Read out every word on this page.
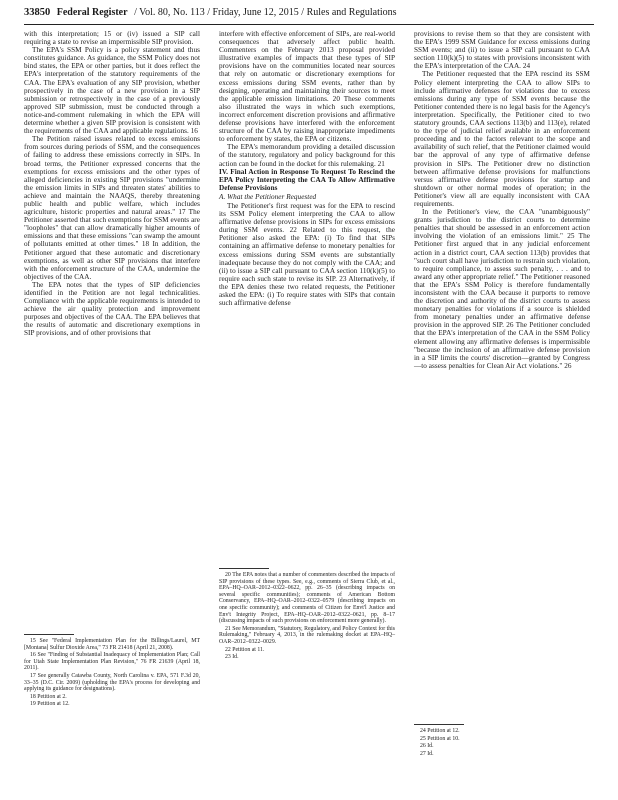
33850 Federal Register / Vol. 80, No. 113 / Friday, June 12, 2015 / Rules and Regulations

with this interpretation; 15 or (iv) issued a SIP call requiring a state to revise an impermissible SIP provision.

The EPA's SSM Policy is a policy statement and thus constitutes guidance. As guidance, the SSM Policy does not bind states, the EPA or other parties, but it does reflect the EPA's interpretation of the statutory requirements of the CAA. The EPA's evaluation of any SIP provision, whether prospectively in the case of a new provision in a SIP submission or retrospectively in the case of a previously approved SIP submission, must be conducted through a notice-and-comment rulemaking in which the EPA will determine whether a given SIP provision is consistent with the requirements of the CAA and applicable regulations. 16

The Petition raised issues related to excess emissions from sources during periods of SSM, and the consequences of failing to address these emissions correctly in SIPs. In broad terms, the Petitioner expressed concerns that the exemptions for excess emissions and the other types of alleged deficiencies in existing SIP provisions "undermine the emission limits in SIPs and threaten states' abilities to achieve and maintain the NAAQS, thereby threatening public health and public welfare, which includes agriculture, historic properties and natural areas." 17 The Petitioner asserted that such exemptions for SSM events are "loopholes" that can allow dramatically higher amounts of emissions and that these emissions "can swamp the amount of pollutants emitted at other times." 18 In addition, the Petitioner argued that these automatic and discretionary exemptions, as well as other SIP provisions that interfere with the enforcement structure of the CAA, undermine the objectives of the CAA.

The EPA notes that the types of SIP deficiencies identified in the Petition are not legal technicalities. Compliance with the applicable requirements is intended to achieve the air quality protection and improvement purposes and objectives of the CAA. The EPA believes that the results of automatic and discretionary exemptions in SIP provisions, and of other provisions that

15 See "Federal Implementation Plan for the Billings/Laurel, MT [Montana] Sulfur Dioxide Area," 73 FR 21418 (April 21, 2008).

16 See "Finding of Substantial Inadequacy of Implementation Plan; Call for Utah State Implementation Plan Revision," 76 FR 21639 (April 18, 2011).

17 See generally Catawba County, North Carolina v. EPA, 571 F.3d 20, 33–35 (D.C. Cir. 2009) (upholding the EPA's process for developing and applying its guidance for designations).

18 Petition at 2.

19 Petition at 12.

interfere with effective enforcement of SIPs, are real-world consequences that adversely affect public health. Commenters on the February 2013 proposal provided illustrative examples of impacts that these types of SIP provisions have on the communities located near sources that rely on automatic or discretionary exemptions for excess emissions during SSM events, rather than by designing, operating and maintaining their sources to meet the applicable emission limitations. 20 These comments also illustrated the ways in which such exemptions, incorrect enforcement discretion provisions and affirmative defense provisions have interfered with the enforcement structure of the CAA by raising inappropriate impediments to enforcement by states, the EPA or citizens.

The EPA's memorandum providing a detailed discussion of the statutory, regulatory and policy background for this action can be found in the docket for this rulemaking. 21

IV. Final Action in Response To Request To Rescind the EPA Policy Interpreting the CAA To Allow Affirmative Defense Provisions

A. What the Petitioner Requested

The Petitioner's first request was for the EPA to rescind its SSM Policy element interpreting the CAA to allow affirmative defense provisions in SIPs for excess emissions during SSM events. 22 Related to this request, the Petitioner also asked the EPA: (i) To find that SIPs containing an affirmative defense to monetary penalties for excess emissions during SSM events are substantially inadequate because they do not comply with the CAA; and (ii) to issue a SIP call pursuant to CAA section 110(k)(5) to require each such state to revise its SIP. 23 Alternatively, if the EPA denies these two related requests, the Petitioner asked the EPA: (i) To require states with SIPs that contain such affirmative defense

20 The EPA notes that a number of commenters described the impacts of SIP provisions of these types. See, e.g., comments of Sierra Club, et al., EPA–HQ–OAR–2012–0322–0622, pp. 26–35 (describing impacts on several specific communities); comments of American Bottom Conservancy, EPA–HQ–OAR–2012–0322–0579 (describing impacts on one specific community); and comments of Citizen for Envt'l Justice and Env't Integrity Project, EPA–HQ–OAR–2012–0322–0621, pp. 8–17 (discussing impacts of such provisions on enforcement more generally).

21 See Memorandum, "Statutory, Regulatory, and Policy Context for this Rulemaking," February 4, 2013, in the rulemaking docket at EPA–HQ–OAR–2012–0322–0029.

22 Petition at 11.

23 Id.

provisions to revise them so that they are consistent with the EPA's 1999 SSM Guidance for excess emissions during SSM events; and (ii) to issue a SIP call pursuant to CAA section 110(k)(5) to states with provisions inconsistent with the EPA's interpretation of the CAA. 24

The Petitioner requested that the EPA rescind its SSM Policy element interpreting the CAA to allow SIPs to include affirmative defenses for violations due to excess emissions during any type of SSM events because the Petitioner contended there is no legal basis for the Agency's interpretation. Specifically, the Petitioner cited to two statutory grounds, CAA sections 113(b) and 113(e), related to the type of judicial relief available in an enforcement proceeding and to the factors relevant to the scope and availability of such relief, that the Petitioner claimed would bar the approval of any type of affirmative defense provision in SIPs. The Petitioner drew no distinction between affirmative defense provisions for malfunctions versus affirmative defense provisions for startup and shutdown or other normal modes of operation; in the Petitioner's view all are equally inconsistent with CAA requirements.

In the Petitioner's view, the CAA "unambiguously" grants jurisdiction to the district courts to determine penalties that should be assessed in an enforcement action involving the violation of an emissions limit." 25 The Petitioner first argued that in any judicial enforcement action in a district court, CAA section 113(b) provides that "such court shall have jurisdiction to restrain such violation, to require compliance, to assess such penalty, . . . and to award any other appropriate relief." The Petitioner reasoned that the EPA's SSM Policy is therefore fundamentally inconsistent with the CAA because it purports to remove the discretion and authority of the district courts to assess monetary penalties for violations if a source is shielded from monetary penalties under an affirmative defense provision in the approved SIP. 26 The Petitioner concluded that the EPA's interpretation of the CAA in the SSM Policy element allowing any affirmative defenses is impermissible "because the inclusion of an affirmative defense provision in a SIP limits the courts' discretion—granted by Congress—to assess penalties for Clean Air Act violations." 26

24 Petition at 12.

25 Petition at 10.

26 Id.

27 Id.
